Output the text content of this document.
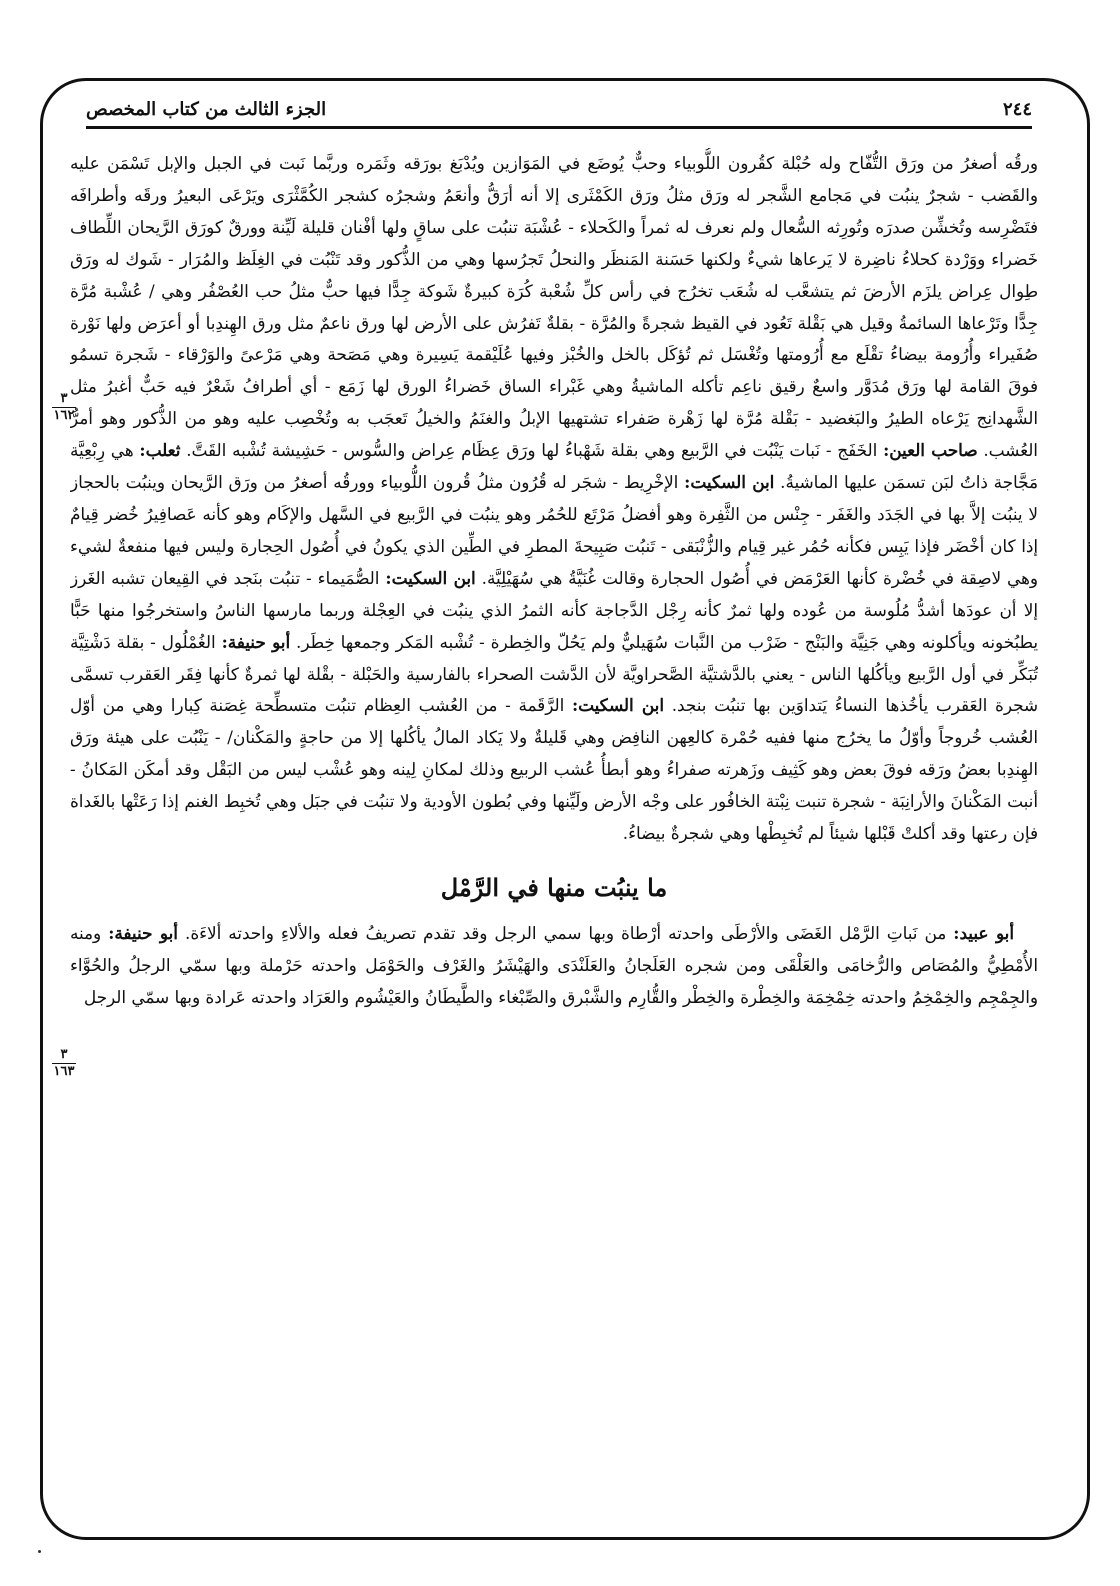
٢٤٤
الجزء الثالث من كتاب المخصص
٣
١٦٢
٣
١٦٣

ورقُه أصغرُ من ورَق التُّفّاح وله حُبْلة كقُرون اللُّوبياء وحبٌّ يُوضَع في المَوَازين ويُدْبَغ بورَقه وثَمَره وربَّما نَبت في الجبل والإبل تَسْمَن عليه والقَضب - شجرٌ ينبُت في مَجامع الشَّجر له ورَق مثلُ ورَق الكَمْثَرى إلا أنه أرَقُّ وأنعَمُ وشجرُه كشجر الكُمَّثْرَى ويَرْعَى البعيرُ ورقَه وأطرافَه فتَضْرِسه وتُخشِّن صدرَه وتُورِثه السُّعال ولم نعرف له ثمراً والكَحلاء - عُشْبَة تنبُت على ساقٍ ولها أفْنان قليلة لَيِّنة وورقٌ كورَق الرَّيحان اللِّطاف خَضراء ووَرْدة كحلاءُ ناضِرة لا يَرعاها شيءٌ ولكنها حَسَنة المَنظَر والنحلُ تَجرُسها وهي من الذُّكور وقد تَنْبُت في الغِلَظ والمُرَار - شَوك له ورَق طِوال عِراض يلزَم الأرضَ ثم يتشعَّب له شُعَب تخرُج في رأس كلِّ شُعْبة كُرَة كبيرةٌ شَوكة جِدًّا فيها حبٌّ مثلُ حب العُصْفُر وهي / عُشْبة مُرَّة جِدًّا وتَرْعاها السائمةُ وقيل هي بَقْلة تَعُود في القيظ شجرةً والمُرَّة - بقلةٌ تَفرُش على الأرض لها ورق ناعمٌ مثل ورق الهِندِبا أو أعرَض ولها نَوْرة صُفَيراء وأُرُومة بيضاءُ تقْلَع مع أُرُومتها وتُغْسَل ثم تُؤكَل بالخل والخُبْز وفيها عُلَيْقمة يَسِيرة وهي مَصَحة وهي مَرْعىً والوَرْقاء - شَجرة تسمُو فوقَ القامة لها ورَق مُدَوَّر واسعٌ رقيق ناعِم تأكله الماشيةُ وهي غَبْراء الساق خَضراءُ الورق لها زَمَع - أي أطرافُ شَعْرٌ فيه حَبٌّ أغبرُ مثل الشَّهدانِج يَرْعاه الطيرُ والبَغضيد - بَقْلة مُرَّة لها زَهْرة صَفراء تشتهيها الإبلُ والغنَمُ والخيلُ تَعجَب به وتُخْصِب عليه وهو من الذُّكور وهو أمرُّ العُشب. صاحب العين: الخَفَج - نَبات يَنْبُت في الرَّبيع وهي بقلة شَهْباءُ لها ورَق عِظَام عِراض والسُّوس - حَشِيشة تُشْبه القَتَّ. ثعلب: هي رِبْعِيَّة مَجَّاجة ذاتُ لبَن تسمَن عليها الماشيةُ. ابن السكيت: الإخْرِيط - شجَر له قُرُون مثلُ قُرون اللُّوبياء وورقُه أصغرُ من ورَق الرَّيحان وينبُت بالحجاز لا ينبُت إلاَّ بها في الجَدَد والغَفَر - جِنْس من الثَّفِرة وهو أفضلُ مَرْتَع للحُمُر وهو ينبُت في الرَّبيع في السَّهل والإكَام وهو كأنه عَصافِيرُ خُضر قِيامٌ إذا كان أخْضَر فإذا يَبِس فكأنه حُمُر غير قِيام والزُّنْبَقى - تَنبُت صَبِيحةَ المطرِ في الطِّين الذي يكونُ في أُصُول الحِجارة وليس فيها منفعةٌ لشيء وهي لاصِقة في خُضْرة كأنها العَرْمَض في أُصُول الحجارة وقالت غُنَيَّةُ هي سُهَيْلِيَّة. ابن السكيت: الصُّمَيماء - تنبُت بنَجد في القِيعان تشبه الغَرز إلا أن عودَها أشدُّ مُلُوسة من عُوده ولها ثمرٌ كأنه رِجْل الدَّجاجة كأنه الثمرُ الذي ينبُت في العِجْلة وربما مارسها الناسُ واستخرجُوا منها حَبًّا يطبُخونه ويأكلونه وهي جَنِيَّة والبَنْج - ضَرْب من النَّبات سُهَيليٌّ ولم يَحُلّ والخِطرة - تُشْبه المَكر وجمعها خِطَر. أبو حنيفة: الغُمْلُول - بقلة دَشْتِيَّة تُبَكِّر في أول الرَّبيع ويأكُلها الناس - يعني بالدَّشتيَّة الصَّحراويَّة لأن الدَّشت الصحراء بالفارسية والحَبْلة - بقْلة لها ثمرةٌ كأنها فِقَر العَقرب تسمَّى شجرة العَقرب يأخُذها النساءُ يَتداوَين بها تنبُت بنجد. ابن السكيت: الرَّقَمة - من العُشب العِظام تنبُت متسطِّحة غِصَنة كِبارا وهي من أوّل العُشب خُروجاً وأوّلُ ما يخرُج منها ففيه حُمْرة كالعِهن النافِض وهي قَليلةٌ ولا يَكاد المالُ يأكُلها إلا من حاجةٍ والمَكْنان/ - يَنْبُت على هيئة ورَق الهِندِبا بعضُ ورَقه فوقَ بعض وهو كَثِيف وزَهرته صفراءُ وهو أبطأُ عُشب الربيع وذلك لمكانِ لِينه وهو عُشْب ليس من البَقْل وقد أمكَن المَكانُ - أنبت المَكْنانَ والأرانِبَة - شجرة تنبت نِبْتة الخافُور على وجْه الأرض ولَيِّنها وفي بُطون الأودية ولا تنبُت في جبَل وهي تُخبِط الغنم إذا رَعَتْها بالغَداة فإن رعتها وقد أكلتْ قَبْلها شيئاً لم تُخبِطْها وهي شجرةٌ بيضاءُ.

ما ينبُت منها في الرَّمْل

أبو عبيد: من نَباتِ الرَّمْل الغَضَى والأرْطَى واحدته أرْطاة وبها سمي الرجل وقد تقدم تصريفُ فعله والألاءِ واحدته ألاءَة. أبو حنيفة: ومنه الأُمْطِيُّ والمُصَاص والرُّخامَى والعَلْقَى ومن شجره العَلَجانُ والعَلَنْدَى والهَيْشَرُ والغَرْف والحَوْمَل واحدته حَرْملة وبها سمّي الرجلُ والحُوَّاء والجِمْجِم والخِمْخِمُ واحدته خِمْخِمَة والخِطْرة والخِطْر والقُّارِم والشَّبْرق والصِّبْغاء والطَّيطَانُ والعَيْشُوم والعَرَاد واحدته عَرادة وبها سمّي الرجل
